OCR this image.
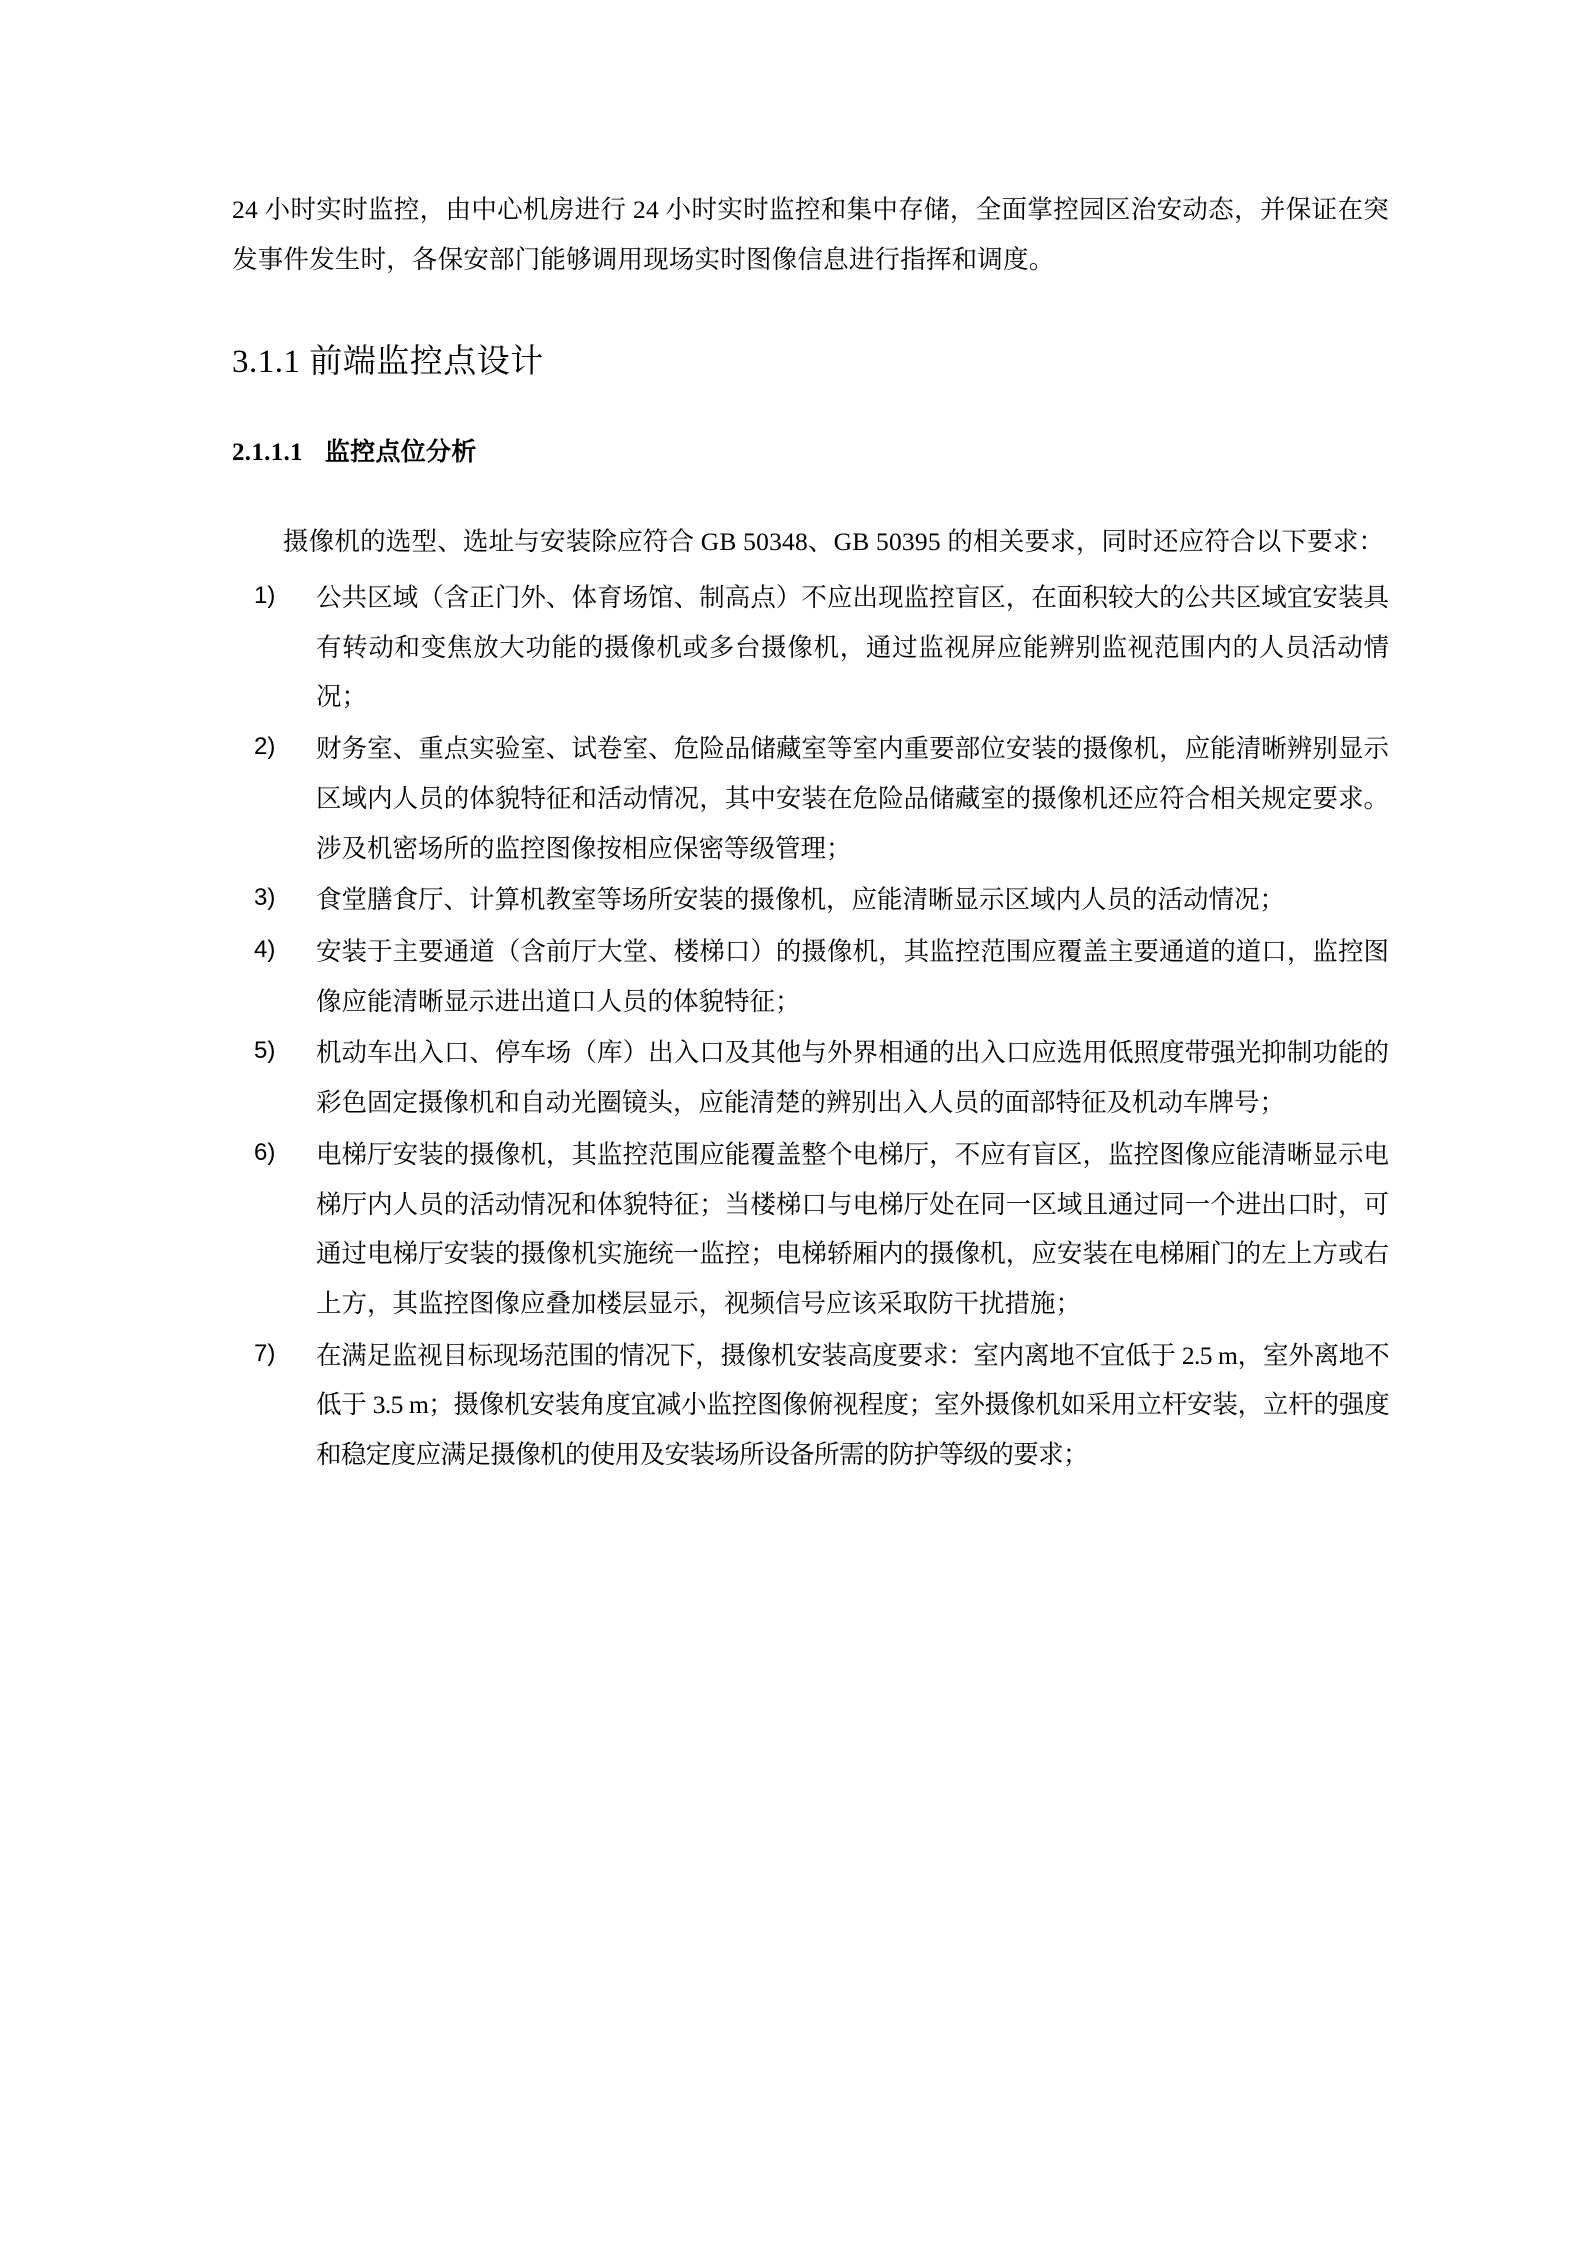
24 小时实时监控，由中心机房进行 24 小时实时监控和集中存储，全面掌控园区治安动态，并保证在突发事件发生时，各保安部门能够调用现场实时图像信息进行指挥和调度。

3.1.1 前端监控点设计
2.1.1.1 监控点位分析

摄像机的选型、选址与安装除应符合 GB 50348、GB 50395 的相关要求，同时还应符合以下要求：

1)	公共区域（含正门外、体育场馆、制高点）不应出现监控盲区，在面积较大的公共区域宜安装具有转动和变焦放大功能的摄像机或多台摄像机，通过监视屏应能辨别监视范围内的人员活动情况；
2)	财务室、重点实验室、试卷室、危险品储藏室等室内重要部位安装的摄像机，应能清晰辨别显示区域内人员的体貌特征和活动情况，其中安装在危险品储藏室的摄像机还应符合相关规定要求。涉及机密场所的监控图像按相应保密等级管理；
3)	食堂膳食厅、计算机教室等场所安装的摄像机，应能清晰显示区域内人员的活动情况；
4)	安装于主要通道（含前厅大堂、楼梯口）的摄像机，其监控范围应覆盖主要通道的道口，监控图像应能清晰显示进出道口人员的体貌特征；
5)	机动车出入口、停车场（库）出入口及其他与外界相通的出入口应选用低照度带强光抑制功能的彩色固定摄像机和自动光圈镜头，应能清楚的辨别出入人员的面部特征及机动车牌号；
6)	电梯厅安装的摄像机，其监控范围应能覆盖整个电梯厅，不应有盲区，监控图像应能清晰显示电梯厅内人员的活动情况和体貌特征；当楼梯口与电梯厅处在同一区域且通过同一个进出口时，可通过电梯厅安装的摄像机实施统一监控；电梯轿厢内的摄像机，应安装在电梯厢门的左上方或右上方，其监控图像应叠加楼层显示，视频信号应该采取防干扰措施；
7)	在满足监视目标现场范围的情况下，摄像机安装高度要求：室内离地不宜低于 2.5 m，室外离地不低于 3.5 m；摄像机安装角度宜减小监控图像俯视程度；室外摄像机如采用立杆安装，立杆的强度和稳定度应满足摄像机的使用及安装场所设备所需的防护等级的要求；
